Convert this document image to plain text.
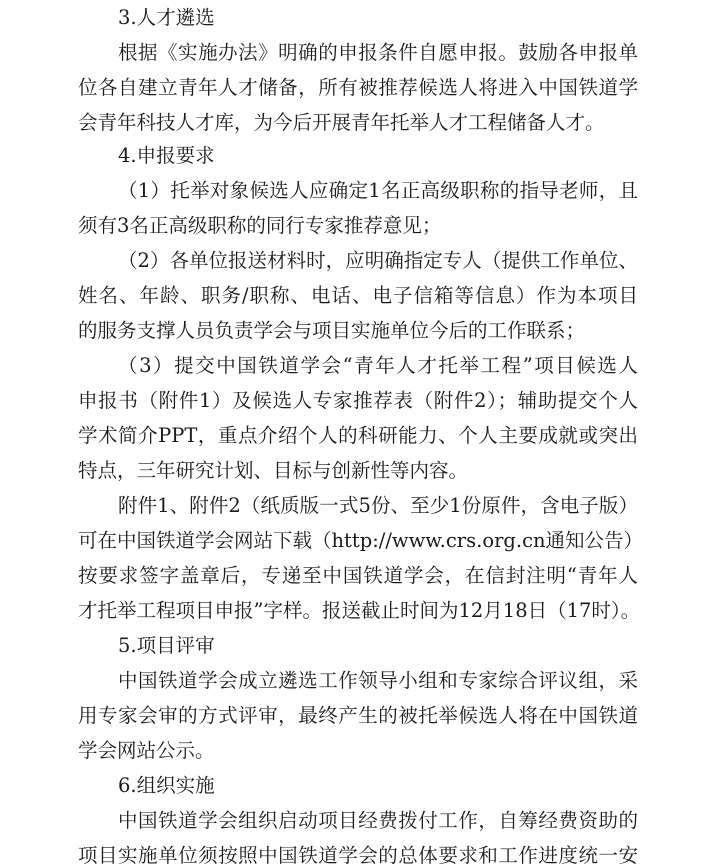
3.人才遴选
根据《实施办法》明确的申报条件自愿申报。鼓励各申报单
位各自建立青年人才储备，所有被推荐候选人将进入中国铁道学
会青年科技人才库，为今后开展青年托举人才工程储备人才。
4.申报要求
（1）托举对象候选人应确定1名正高级职称的指导老师，且
须有3名正高级职称的同行专家推荐意见；
（2）各单位报送材料时，应明确指定专人（提供工作单位、
姓名、年龄、职务/职称、电话、电子信箱等信息）作为本项目
的服务支撑人员负责学会与项目实施单位今后的工作联系；
（3）提交中国铁道学会“青年人才托举工程”项目候选人
申报书（附件1）及候选人专家推荐表（附件2）；辅助提交个人
学术简介PPT，重点介绍个人的科研能力、个人主要成就或突出
特点，三年研究计划、目标与创新性等内容。
附件1、附件2（纸质版一式5份、至少1份原件，含电子版）
可在中国铁道学会网站下载（http://www.crs.org.cn通知公告）
按要求签字盖章后，专递至中国铁道学会，在信封注明“青年人
才托举工程项目申报”字样。报送截止时间为12月18日（17时）。
5.项目评审
中国铁道学会成立遴选工作领导小组和专家综合评议组，采
用专家会审的方式评审，最终产生的被托举候选人将在中国铁道
学会网站公示。
6.组织实施
中国铁道学会组织启动项目经费拨付工作，自筹经费资助的
项目实施单位须按照中国铁道学会的总体要求和工作进度统一安
